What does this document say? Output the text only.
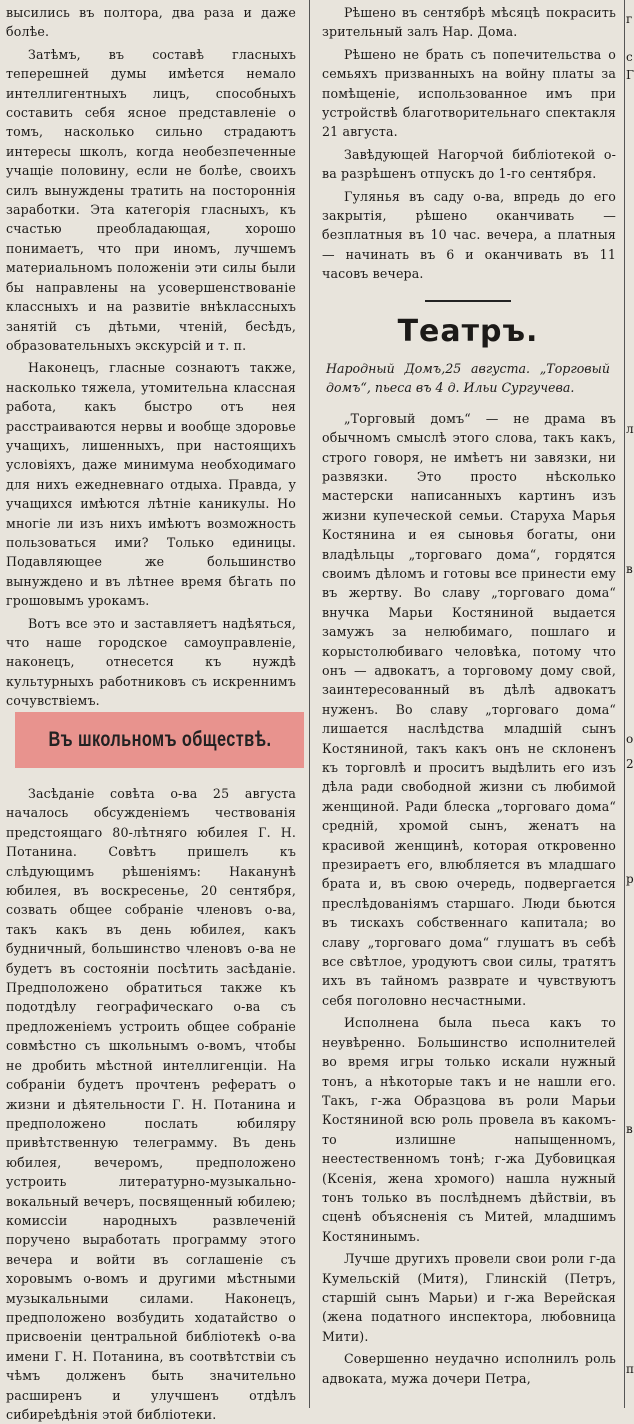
высились въ полтора, два раза и даже болѣе.

Затѣмъ, въ составѣ гласныхъ теперешней думы имѣется немало интеллигентныхъ лицъ, способныхъ составить себя ясное представленіе о томъ, насколько сильно страдаютъ интересы школъ, когда необезпеченные учащіе половину, если не болѣе, своихъ силъ вынуждены тратить на постороннія заработки. Эта категорія гласныхъ, къ счастью преобладающая, хорошо понимаетъ, что при иномъ, лучшемъ материальномъ положеніи эти силы были бы направлены на усовершенствованіе классныхъ и на развитіе внѣклассныхъ занятій съ дѣтьми, чтеній, бесѣдъ, образовательныхъ экскурсій и т. п.

Наконецъ, гласные сознаютъ также, насколько тяжела, утомительна классная работа, какъ быстро отъ нея расстраиваются нервы и вообще здоровье учащихъ, лишенныхъ, при настоящихъ условіяхъ, даже минимума необходимаго для нихъ ежедневнаго отдыха. Правда, у учащихся имѣются лѣтніе каникулы. Но многіе ли изъ нихъ имѣютъ возможность пользоваться ими? Только единицы. Подавляющее же большинство вынуждено и въ лѣтнее время бѣгать по грошовымъ урокамъ.

Вотъ все это и заставляетъ надѣяться, что наше городское самоуправленіе, наконецъ, отнесется къ нуждѣ культурныхъ работниковъ съ искреннимъ сочувствіемъ.

Въ школьномъ обществѣ.

Засѣданіе совѣта о-ва 25 августа началось обсужденіемъ чествованія предстоящаго 80-лѣтняго юбилея Г. Н. Потанина. Совѣтъ пришелъ къ слѣдующимъ рѣшеніямъ: Наканунѣ юбилея, въ воскресенье, 20 сентября, созвать общее собраніе членовъ о-ва, такъ какъ въ день юбилея, какъ будничный, большинство членовъ о-ва не будетъ въ состояніи посѣтить засѣданіе. Предположено обратиться также къ подотдѣлу географическаго о-ва съ предложеніемъ устроить общее собраніе совмѣстно съ школьнымъ о-вомъ, чтобы не дробить мѣстной интеллигенціи. На собраніи будетъ прочтенъ рефератъ о жизни и дѣятельности Г. Н. Потанина и предположено послать юбиляру привѣтственную телеграмму. Въ день юбилея, вечеромъ, предположено устроить литературно-музыкально-вокальный вечеръ, посвященный юбилею; комиссіи народныхъ развлеченій поручено выработать программу этого вечера и войти въ соглашеніе съ хоровымъ о-вомъ и другими мѣстными музыкальными силами. Наконецъ, предположено возбудить ходатайство о присвоеніи центральной библіотекѣ о-ва имени Г. Н. Потанина, въ соотвѣтствіи съ чѣмъ долженъ быть значительно расширенъ и улучшенъ отдѣлъ сибиреѣдѣнія этой библіотеки.

Рѣшено въ сентябрѣ мѣсяцѣ покрасить зрительный залъ Нар. Дома.

Рѣшено не брать съ попечительства о семьяхъ призванныхъ на войну платы за помѣщеніе, использованное имъ при устройствѣ благотворительнаго спектакля 21 августа.

Завѣдующей Нагорчой библіотекой о-ва разрѣшенъ отпускъ до 1-го сентября.

Гулянья въ саду о-ва, впредь до его закрытія, рѣшено оканчивать — безплатныя въ 10 час. вечера, а платныя — начинать въ 6 и оканчивать въ 11 часовъ вечера.

Театръ.
Народный Домъ,25 августа. „Торговый домъ“, пьеса въ 4 д. Ильи Сургучева.

„Торговый домъ“ — не драма въ обычномъ смыслѣ этого слова, такъ какъ, строго говоря, не имѣетъ ни завязки, ни развязки. Это просто нѣсколько мастерски написанныхъ картинъ изъ жизни купеческой семьи. Старуха Марья Костянина и ея сыновья богаты, они владѣльцы „торговаго дома“, гордятся своимъ дѣломъ и готовы все принести ему въ жертву. Во славу „торговаго дома“ внучка Марьи Костяниной выдается замужъ за нелюбимаго, пошлаго и корыстолюбиваго человѣка, потому что онъ — адвокатъ, а торговому дому свой, заинтересованный въ дѣлѣ адвокатъ нуженъ. Во славу „торговаго дома“ лишается наслѣдства младшій сынъ Костяниной, такъ какъ онъ не склоненъ къ торговлѣ и проситъ выдѣлить его изъ дѣла ради свободной жизни съ любимой женщиной. Ради блеска „торговаго дома“ средній, хромой сынъ, женатъ на красивой женщинѣ, которая откровенно презираетъ его, влюбляется въ младшаго брата и, въ свою очередь, подвергается преслѣдованіямъ старшаго. Люди бьются въ тискахъ собственнаго капитала; во славу „торговаго дома“ глушатъ въ себѣ все свѣтлое, уродуютъ свои силы, тратятъ ихъ въ тайномъ разврате и чувствуютъ себя поголовно несчастными.

Исполнена была пьеса какъ то неувѣренно. Большинство исполнителей во время игры только искали нужный тонъ, а нѣкоторые такъ и не нашли его. Такъ, г-жа Образцова въ роли Марьи Костяниной всю роль провела въ какомъ-то излишне напыщенномъ, неестественномъ тонѣ; г-жа Дубовицкая (Ксенія, жена хромого) нашла нужный тонъ только въ послѣднемъ дѣйствіи, въ сценѣ объясненія съ Митей, младшимъ Костянинымъ.

Лучше другихъ провели свои роли г-да Кумельскій (Митя), Глинскій (Петръ, старшій сынъ Марьи) и г-жа Верейская (жена податного инспектора, любовница Мити).

Совершенно неудачно исполнилъ роль адвоката, мужа дочери Петра,

г
с
Г
л
в
о
2
р
в
п
